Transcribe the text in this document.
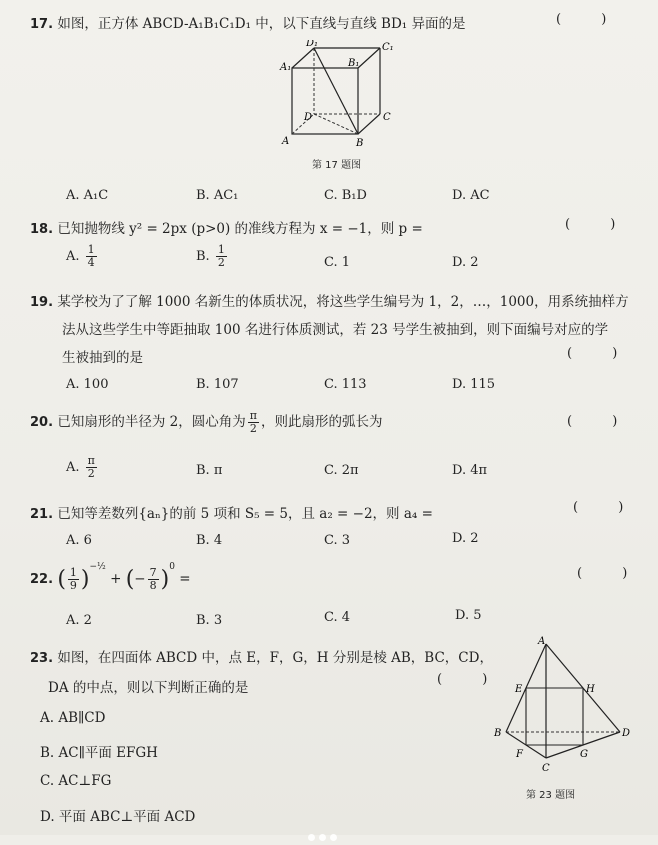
17. 如图，正方体 ABCD-A₁B₁C₁D₁ 中，以下直线与直线 BD₁ 异面的是	( )
D₁	C₁
A₁	B₁
D	C
A	B
第 17 题图
A. A₁C	B. AC₁	C. B₁D	D. AC
18. 已知抛物线 y² = 2px (p>0) 的准线方程为 x = −1，则 p =	( )
A. $\frac{1}{4}$	B. $\frac{1}{2}$	C. 1	D. 2
19. 某学校为了了解 1000 名新生的体质状况，将这些学生编号为 1，2，…，1000，用系统抽样方
法从这些学生中等距抽取 100 名进行体质测试，若 23 号学生被抽到，则下面编号对应的学
生被抽到的是	( )
A. 100	B. 107	C. 113	D. 115
20. 已知扇形的半径为 2，圆心角为 $\frac{\pi}{2}$ ，则此扇形的弧长为	( )
A. $\frac{\pi}{2}$	B. π	C. 2π	D. 4π
21. 已知等差数列{aₙ}的前 5 项和 S₅ = 5，且 a₂ = −2，则 a₄ =	( )
A. 6	B. 4	C. 3	D. 2
22. ( $\frac{1}{9} )^{-\frac{1}{2}}$ + (− $\frac{7}{8} )^0$ =	( )
A. 2	B. 3	C. 4	D. 5
23. 如图，在四面体 ABCD 中，点 E，F，G，H 分别是棱 AB，BC，CD，
DA 的中点，则以下判断正确的是
( )
A. AB∥CD
B. AC∥平面 EFGH
C. AC⊥FG
D. 平面 ABC⊥平面 ACD
A
E	H
B	D
F	G
C
第 23 题图
